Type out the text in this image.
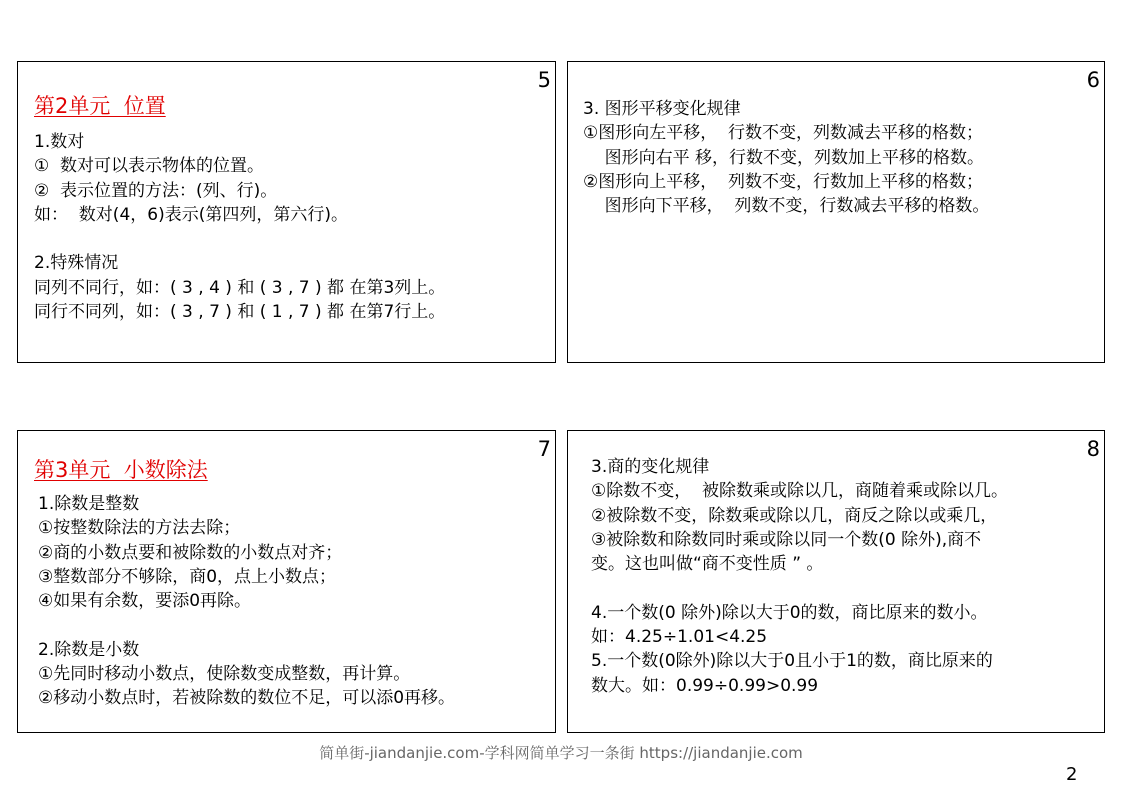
5
第2单元  位置
1.数对
①  数对可以表示物体的位置。
②  表示位置的方法：(列、行)。
如：  数对(4，6)表示(第四列，第六行)。
2.特殊情况
同列不同行，如：( 3 , 4 ) 和 ( 3 , 7 ) 都 在第3列上。
同行不同列，如：( 3 , 7 ) 和 ( 1 , 7 ) 都 在第7行上。
6
3. 图形平移变化规律
①图形向左平移，  行数不变，列数减去平移的格数；
图形向右平 移，行数不变，列数加上平移的格数。
②图形向上平移，  列数不变，行数加上平移的格数；
图形向下平移，  列数不变，行数减去平移的格数。
7
第3单元  小数除法
1.除数是整数
①按整数除法的方法去除；
②商的小数点要和被除数的小数点对齐；
③整数部分不够除，商0，点上小数点；
④如果有余数，要添0再除。
2.除数是小数
①先同时移动小数点，使除数变成整数，再计算。
②移动小数点时，若被除数的数位不足，可以添0再移。
8
3.商的变化规律
①除数不变，  被除数乘或除以几，商随着乘或除以几。
②被除数不变，除数乘或除以几，商反之除以或乘几，
③被除数和除数同时乘或除以同一个数(0 除外),商不
变。这也叫做“商不变性质 ” 。
4.一个数(0 除外)除以大于0的数，商比原来的数小。
如：4.25÷1.01<4.25
5.一个数(0除外)除以大于0且小于1的数，商比原来的
数大。如：0.99÷0.99>0.99
简单街-jiandanjie.com-学科网简单学习一条街 https://jiandanjie.com
2
